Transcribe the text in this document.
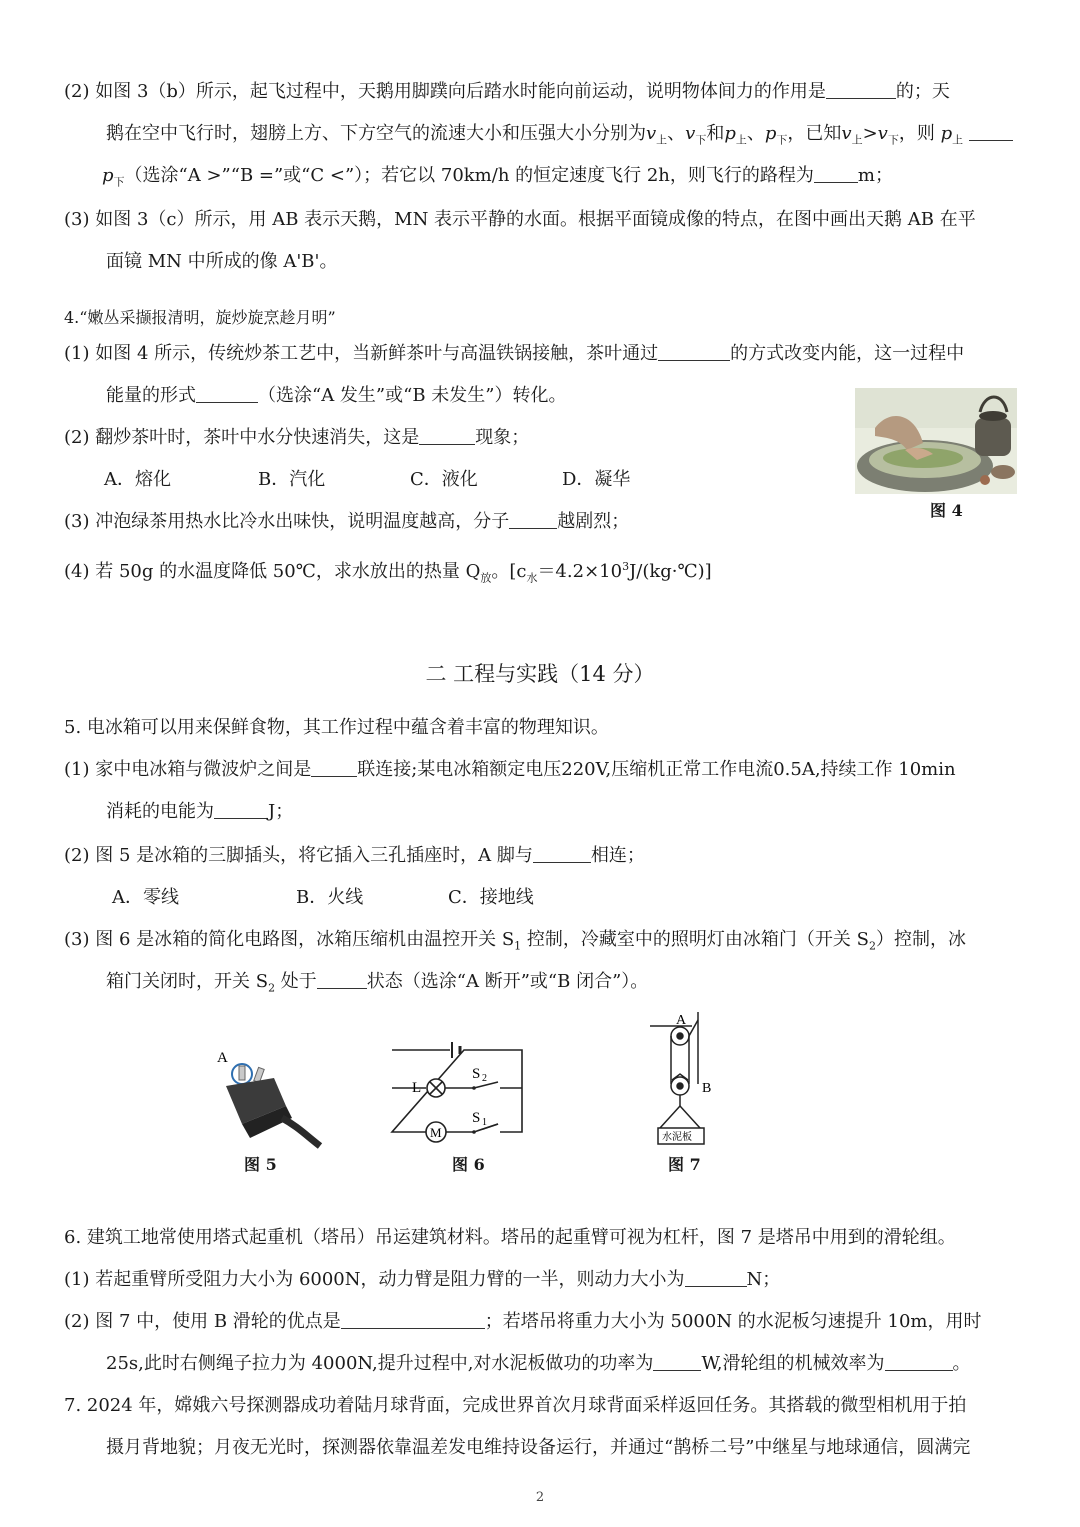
(2) 如图 3（b）所示，起飞过程中，天鹅用脚蹼向后踏水时能向前运动，说明物体间力的作用是	的；天
鹅在空中飞行时，翅膀上方、下方空气的流速大小和压强大小分别为$v_上$、$v_下$和$p_上$、$p_下$，已知$v_上>v_下$，则 $p_上$
$p_下$（选涂“A >”“B =”或“C <”）；若它以 70km/h 的恒定速度飞行 2h，则飞行的路程为 m；
(3) 如图 3（c）所示，用 AB 表示天鹅，MN 表示平静的水面。根据平面镜成像的特点，在图中画出天鹅 AB 在平
面镜 MN 中所成的像 A'B'。
4.“嫩丛采撷报清明，旋炒旋烹趁月明”
(1) 如图 4 所示，传统炒茶工艺中，当新鲜茶叶与高温铁锅接触，茶叶通过	的方式改变内能，这一过程中
能量的形式	（选涂“A 发生”或“B 未发生”）转化。
(2) 翻炒茶叶时，茶叶中水分快速消失，这是	现象；
A．熔化	B．汽化	C．液化	D．凝华
(3) 冲泡绿茶用热水比冷水出味快，说明温度越高，分子	越剧烈；
(4) 若 50g 的水温度降低 50℃，求水放出的热量 $Q_放$。$[c_水=4.2\times 10^3J/(kg\cdot℃)]$
图 4
二 工程与实践（14 分）
5. 电冰箱可以用来保鲜食物，其工作过程中蕴含着丰富的物理知识。
(1) 家中电冰箱与微波炉之间是	联连接;某电冰箱额定电压220V,压缩机正常工作电流0.5A,持续工作 10min
消耗的电能为	J；
(2) 图 5 是冰箱的三脚插头，将它插入三孔插座时，A 脚与	相连；
A．零线	B．火线	C．接地线
(3) 图 6 是冰箱的简化电路图，冰箱压缩机由温控开关 $S_1$ 控制，冷藏室中的照明灯由冰箱门（开关 $S_2$）控制，冰
箱门关闭时，开关 $S_2$ 处于	状态（选涂“A 断开”或“B 闭合”）。
A
图 5
L
S 2
S 1
M
图 6
A
B
水泥板
图 7
6. 建筑工地常使用塔式起重机（塔吊）吊运建筑材料。塔吊的起重臂可视为杠杆，图 7 是塔吊中用到的滑轮组。
(1) 若起重臂所受阻力大小为 6000N，动力臂是阻力臂的一半，则动力大小为	N；
(2) 图 7 中，使用 B 滑轮的优点是	；若塔吊将重力大小为 5000N 的水泥板匀速提升 10m，用时
25s,此时右侧绳子拉力为 4000N,提升过程中,对水泥板做功的功率为	W,滑轮组的机械效率为	。
7. 2024 年，嫦娥六号探测器成功着陆月球背面，完成世界首次月球背面采样返回任务。其搭载的微型相机用于拍
摄月背地貌；月夜无光时，探测器依靠温差发电维持设备运行，并通过“鹊桥二号”中继星与地球通信，圆满完
2
